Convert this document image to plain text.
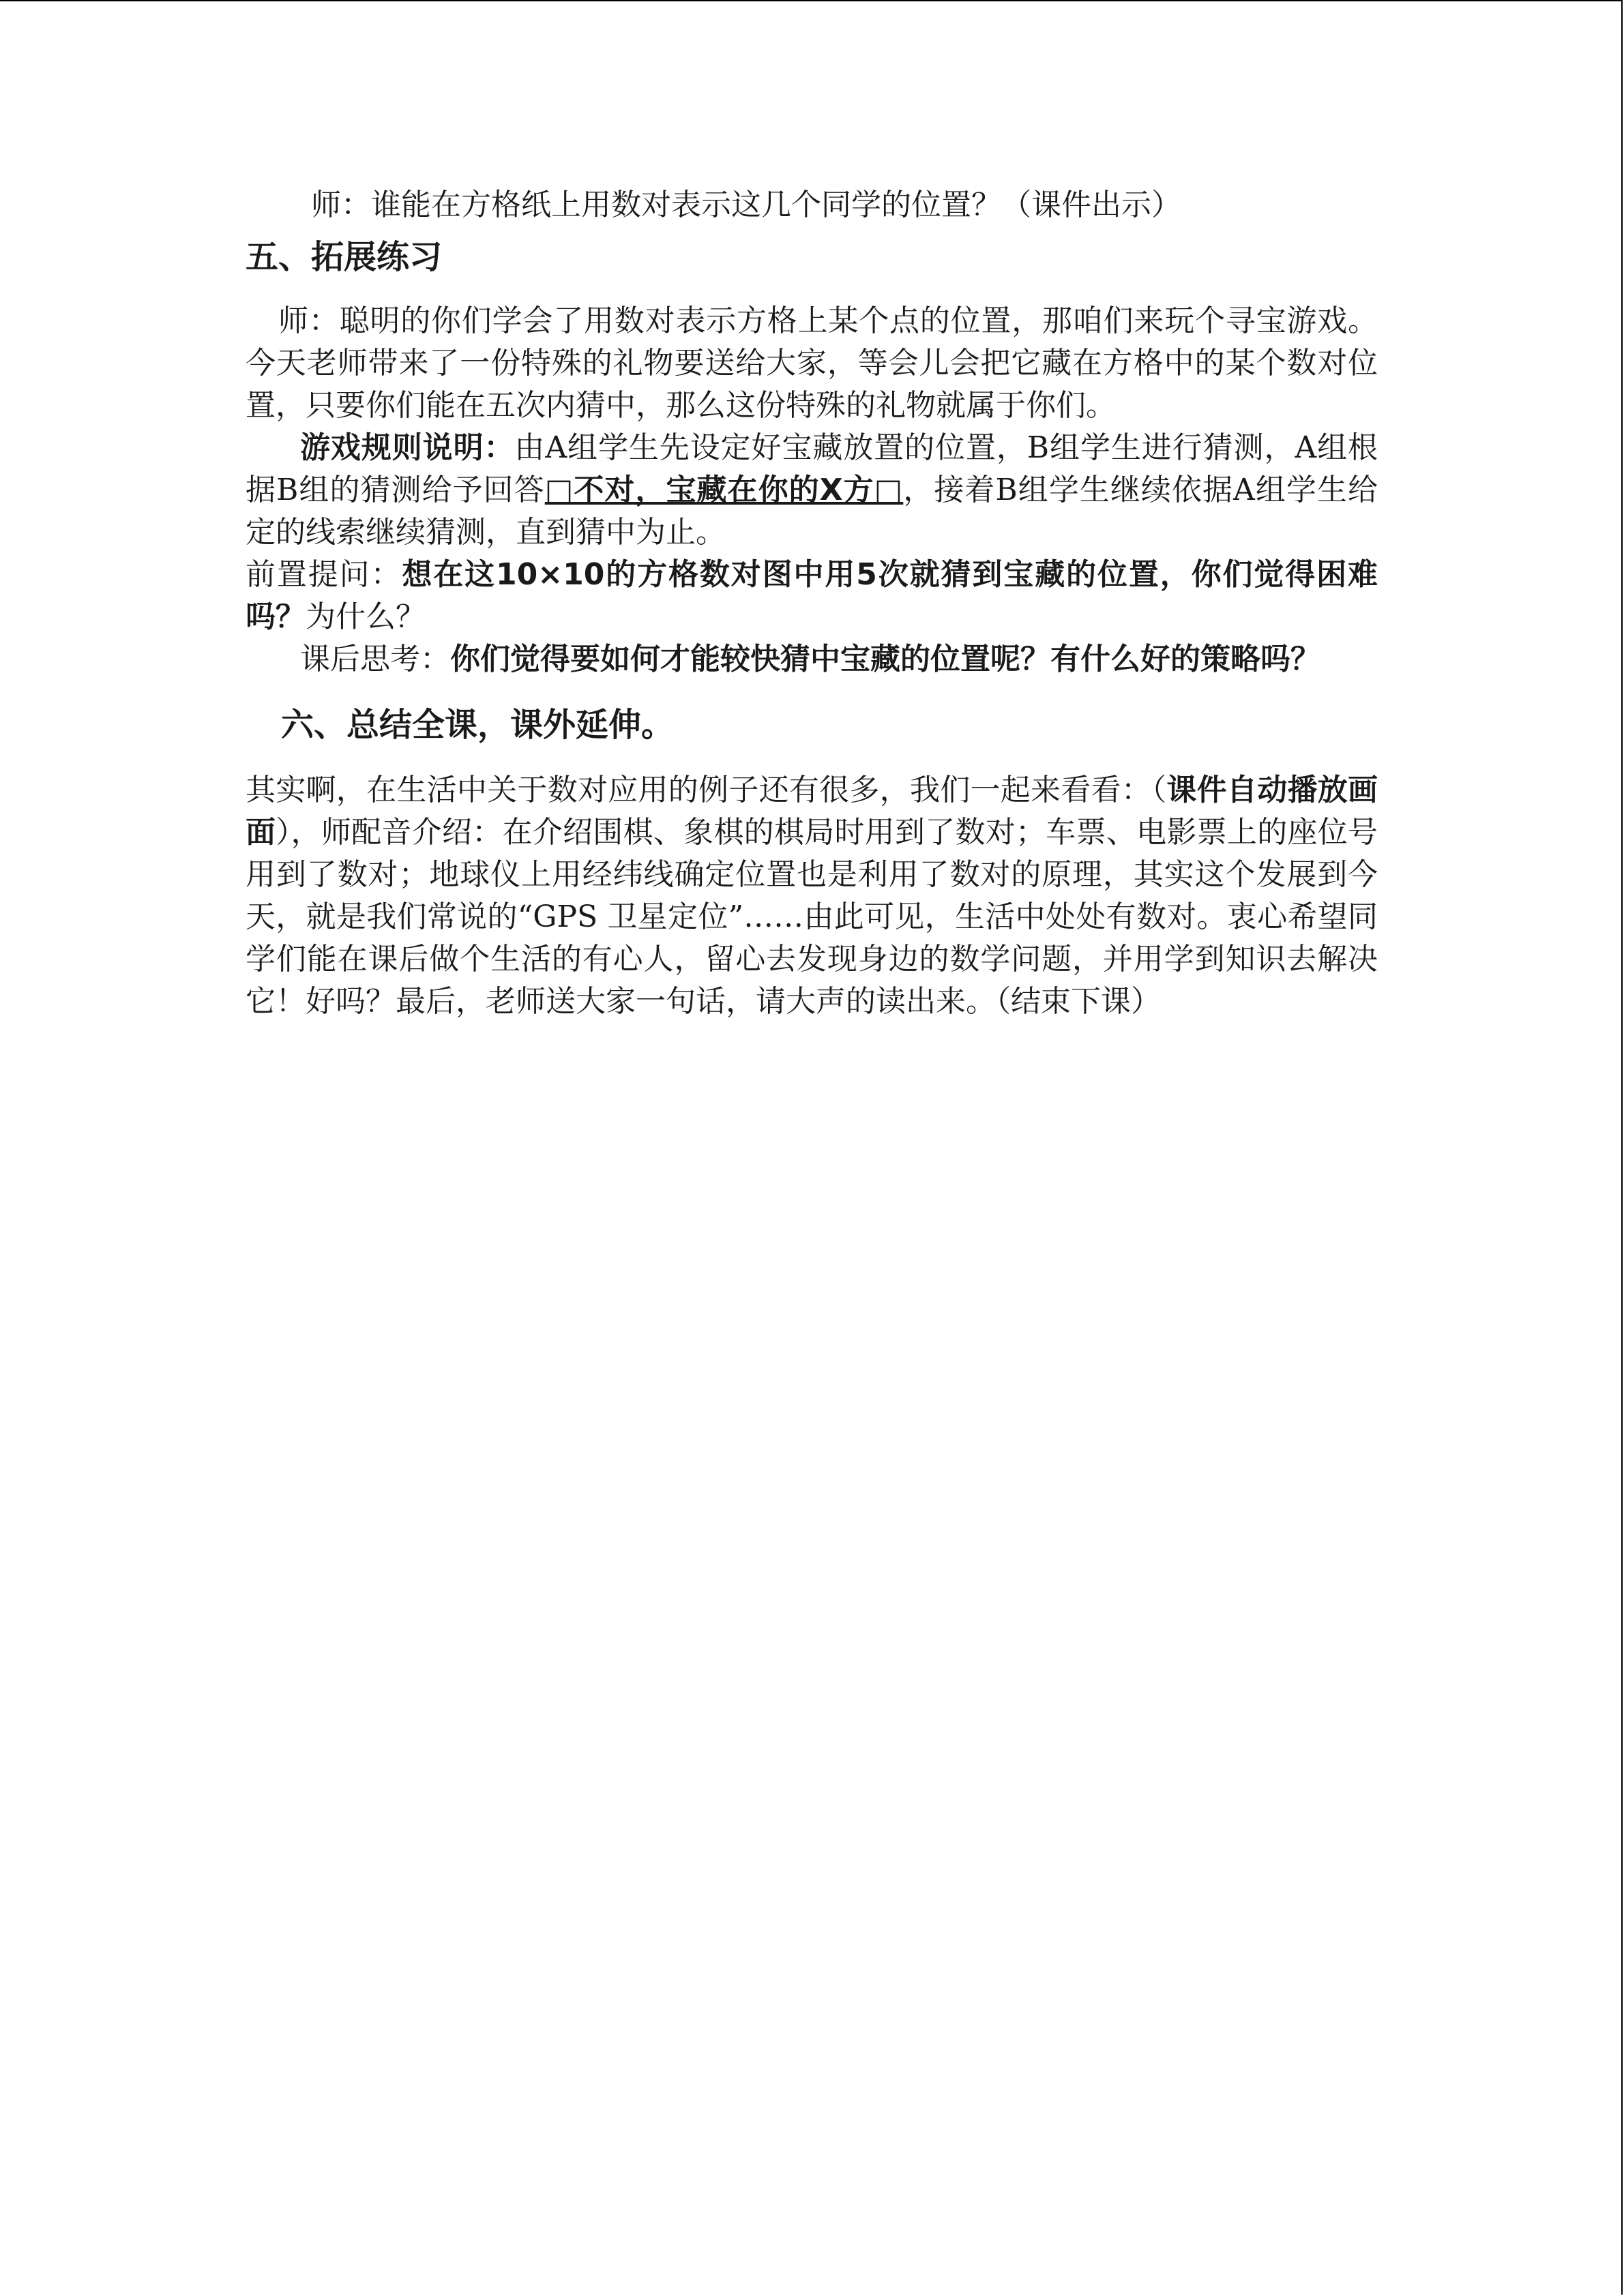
师：谁能在方格纸上用数对表示这几个同学的位置？（课件出示）

五、拓展练习

师：聪明的你们学会了用数对表示方格上某个点的位置，那咱们来玩个寻宝游戏。今天老师带来了一份特殊的礼物要送给大家，等会儿会把它藏在方格中的某个数对位置，只要你们能在五次内猜中，那么这份特殊的礼物就属于你们。

游戏规则说明：由A组学生先设定好宝藏放置的位置，B组学生进行猜测，A组根据B组的猜测给予回答□不对，宝藏在你的X方□，接着B组学生继续依据A组学生给定的线索继续猜测，直到猜中为止。

前置提问：想在这10×10的方格数对图中用5次就猜到宝藏的位置，你们觉得困难吗？为什么？

课后思考：你们觉得要如何才能较快猜中宝藏的位置呢？有什么好的策略吗？

六、总结全课，课外延伸。

其实啊，在生活中关于数对应用的例子还有很多，我们一起来看看：（课件自动播放画面），师配音介绍：在介绍围棋、象棋的棋局时用到了数对；车票、电影票上的座位号用到了数对；地球仪上用经纬线确定位置也是利用了数对的原理，其实这个发展到今天，就是我们常说的“GPS 卫星定位”……由此可见，生活中处处有数对。衷心希望同学们能在课后做个生活的有心人，留心去发现身边的数学问题，并用学到知识去解决它！好吗？最后，老师送大家一句话，请大声的读出来。（结束下课）
